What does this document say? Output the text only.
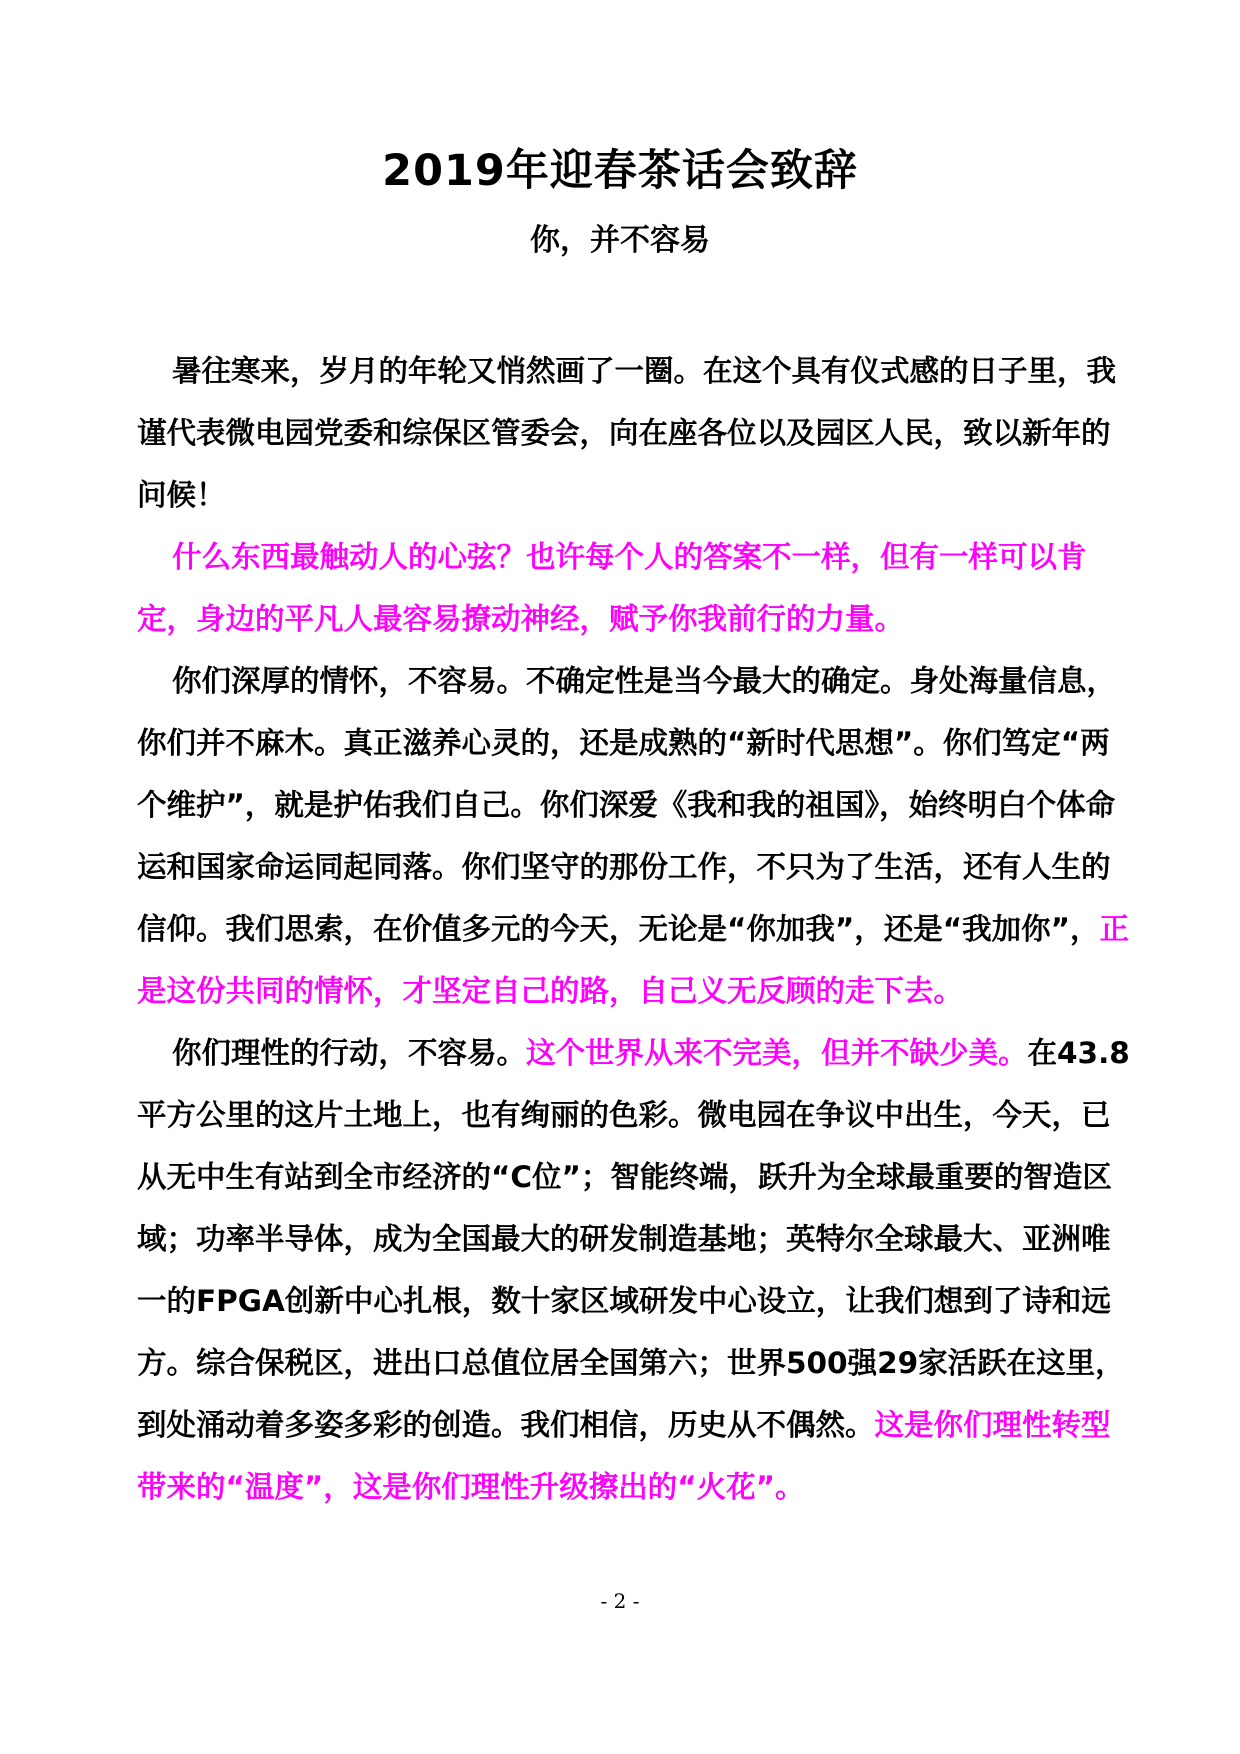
2019年迎春茶话会致辞
你，并不容易

暑往寒来，岁月的年轮又悄然画了一圈。在这个具有仪式感的日子里，我谨代表微电园党委和综保区管委会，向在座各位以及园区人民，致以新年的问候！

什么东西最触动人的心弦？也许每个人的答案不一样，但有一样可以肯定，身边的平凡人最容易撩动神经，赋予你我前行的力量。

你们深厚的情怀，不容易。不确定性是当今最大的确定。身处海量信息，你们并不麻木。真正滋养心灵的，还是成熟的“新时代思想”。你们笃定“两个维护”，就是护佑我们自己。你们深爱《我和我的祖国》，始终明白个体命运和国家命运同起同落。你们坚守的那份工作，不只为了生活，还有人生的信仰。我们思索，在价值多元的今天，无论是“你加我”，还是“我加你”，正是这份共同的情怀，才坚定自己的路，自己义无反顾的走下去。

你们理性的行动，不容易。这个世界从来不完美，但并不缺少美。在43.8平方公里的这片土地上，也有绚丽的色彩。微电园在争议中出生，今天，已从无中生有站到全市经济的“C位”；智能终端，跃升为全球最重要的智造区域；功率半导体，成为全国最大的研发制造基地；英特尔全球最大、亚洲唯一的FPGA创新中心扎根，数十家区域研发中心设立，让我们想到了诗和远方。综合保税区，进出口总值位居全国第六；世界500强29家活跃在这里，到处涌动着多姿多彩的创造。我们相信，历史从不偶然。这是你们理性转型带来的“温度”，这是你们理性升级擦出的“火花”。

- 2 -
